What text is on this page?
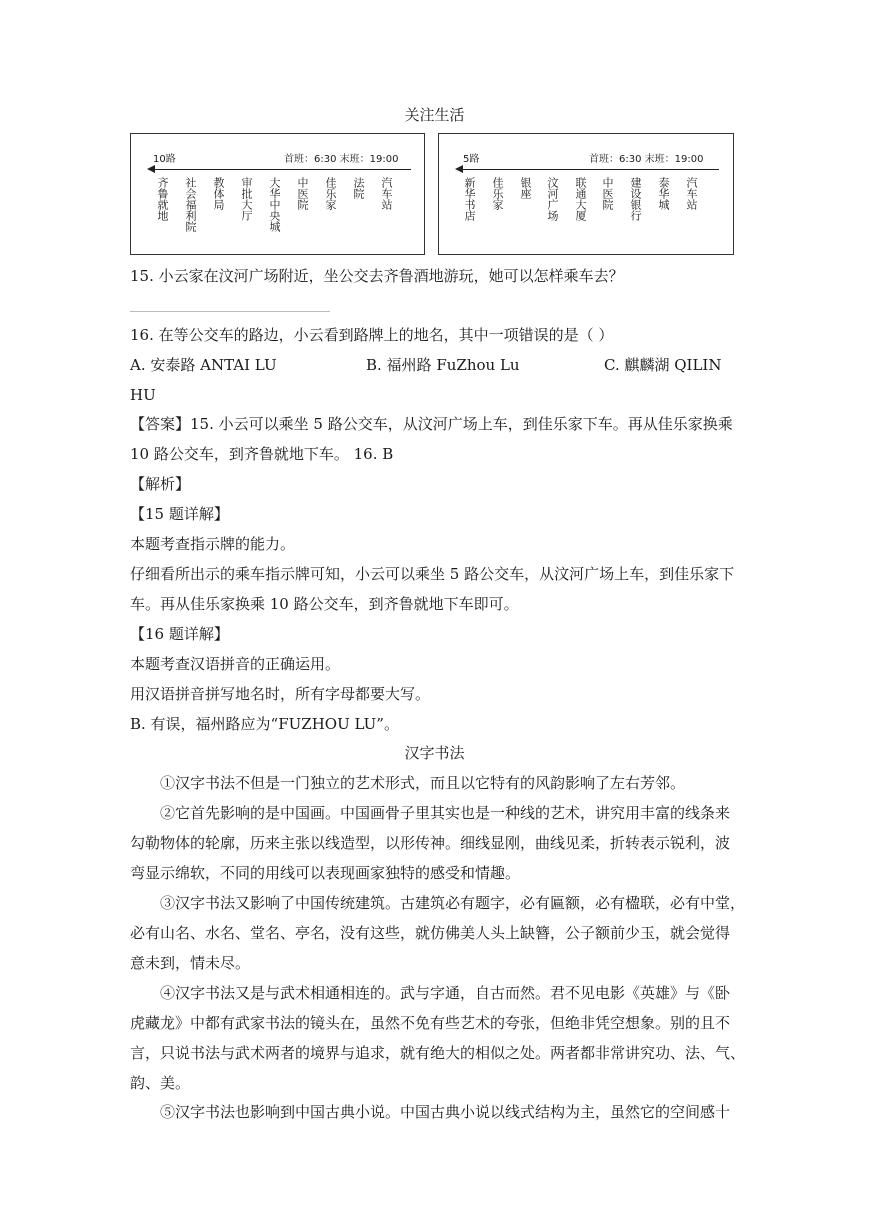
关注生活
10路	首班：6:30 末班：19:00
齐鲁就地 社会福利院 教体局 审批大厅 大华中央城 中医院 佳乐家 法院 汽车站
5路	首班：6:30 末班：19:00
新华书店 佳乐家 银座 汶河广场 联通大厦 中医院 建设银行 泰华城 汽车站
15. 小云家在汶河广场附近，坐公交去齐鲁酒地游玩，她可以怎样乘车去？
16. 在等公交车的路边，小云看到路牌上的地名，其中一项错误的是（ ）
A. 安泰路 ANTAI LU	B. 福州路 FuZhou Lu	C. 麒麟湖 QILIN
HU
【答案】15. 小云可以乘坐 5 路公交车，从汶河广场上车，到佳乐家下车。再从佳乐家换乘
10 路公交车，到齐鲁就地下车。 16. B
【解析】
【15 题详解】
本题考查指示牌的能力。
仔细看所出示的乘车指示牌可知，小云可以乘坐 5 路公交车，从汶河广场上车，到佳乐家下
车。再从佳乐家换乘 10 路公交车，到齐鲁就地下车即可。
【16 题详解】
本题考查汉语拼音的正确运用。
用汉语拼音拼写地名时，所有字母都要大写。
B. 有误，福州路应为“FUZHOU LU”。
汉字书法
①汉字书法不但是一门独立的艺术形式，而且以它特有的风韵影响了左右芳邻。
②它首先影响的是中国画。中国画骨子里其实也是一种线的艺术，讲究用丰富的线条来
勾勒物体的轮廓，历来主张以线造型，以形传神。细线显刚，曲线见柔，折转表示锐利，波
弯显示绵软，不同的用线可以表现画家独特的感受和情趣。
③汉字书法又影响了中国传统建筑。古建筑必有题字，必有匾额，必有楹联，必有中堂，
必有山名、水名、堂名、亭名，没有这些，就仿佛美人头上缺簪，公子额前少玉，就会觉得
意未到，情未尽。
④汉字书法又是与武术相通相连的。武与字通，自古而然。君不见电影《英雄》与《卧
虎藏龙》中都有武家书法的镜头在，虽然不免有些艺术的夸张，但绝非凭空想象。别的且不
言，只说书法与武术两者的境界与追求，就有绝大的相似之处。两者都非常讲究功、法、气、
韵、美。
⑤汉字书法也影响到中国古典小说。中国古典小说以线式结构为主，虽然它的空间感十
